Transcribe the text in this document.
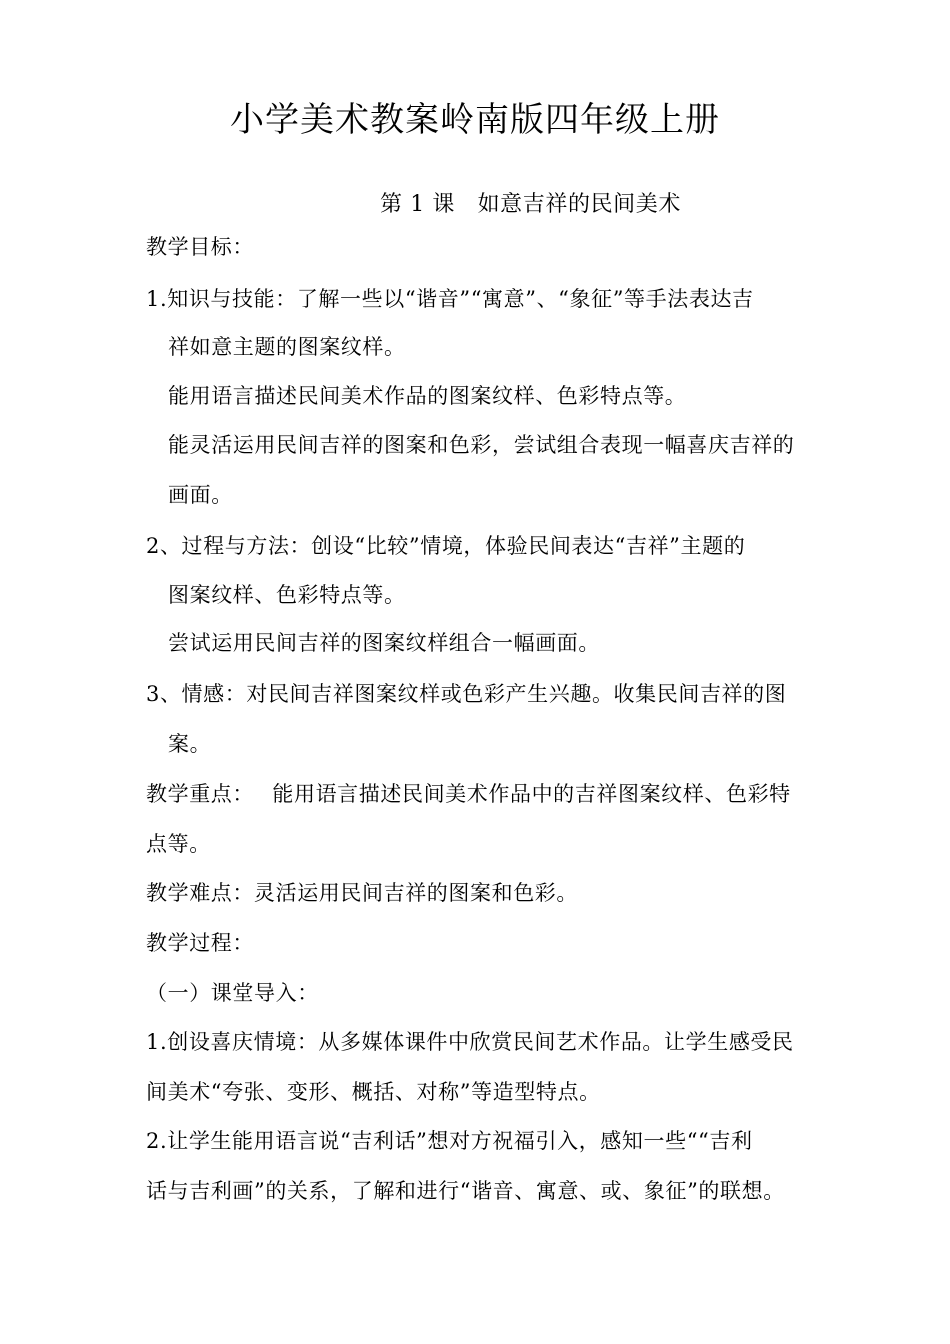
小学美术教案岭南版四年级上册
第 1 课　如意吉祥的民间美术
教学目标：
1.知识与技能：了解一些以“谐音”“寓意”、“象征”等手法表达吉
祥如意主题的图案纹样。
能用语言描述民间美术作品的图案纹样、色彩特点等。
能灵活运用民间吉祥的图案和色彩，尝试组合表现一幅喜庆吉祥的
画面。
2、过程与方法：创设“比较”情境，体验民间表达“吉祥”主题的
图案纹样、色彩特点等。
尝试运用民间吉祥的图案纹样组合一幅画面。
3、情感：对民间吉祥图案纹样或色彩产生兴趣。收集民间吉祥的图
案。
教学重点：　 能用语言描述民间美术作品中的吉祥图案纹样、色彩特
点等。
教学难点：灵活运用民间吉祥的图案和色彩。
教学过程：
（一）课堂导入：
1.创设喜庆情境：从多媒体课件中欣赏民间艺术作品。让学生感受民
间美术“夸张、变形、概括、对称”等造型特点。
2.让学生能用语言说“吉利话”想对方祝福引入，感知一些““吉利
话与吉利画”的关系，了解和进行“谐音、寓意、或、象征”的联想。
